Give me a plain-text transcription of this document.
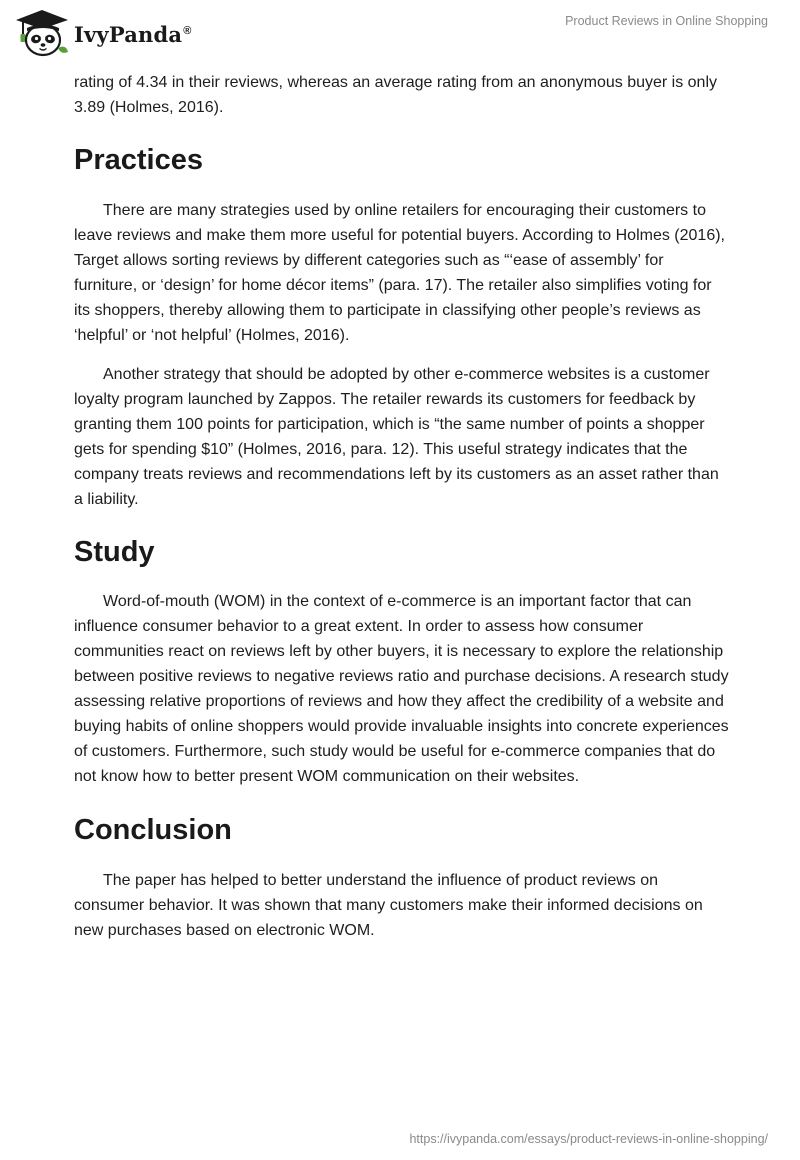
IvyPanda®
Product Reviews in Online Shopping

rating of 4.34 in their reviews, whereas an average rating from an anonymous buyer is only 3.89 (Holmes, 2016).

Practices

There are many strategies used by online retailers for encouraging their customers to leave reviews and make them more useful for potential buyers. According to Holmes (2016), Target allows sorting reviews by different categories such as “‘ease of assembly’ for furniture, or ‘design’ for home décor items” (para. 17). The retailer also simplifies voting for its shoppers, thereby allowing them to participate in classifying other people’s reviews as ‘helpful’ or ‘not helpful’ (Holmes, 2016).

Another strategy that should be adopted by other e-commerce websites is a customer loyalty program launched by Zappos. The retailer rewards its customers for feedback by granting them 100 points for participation, which is “the same number of points a shopper gets for spending $10” (Holmes, 2016, para. 12). This useful strategy indicates that the company treats reviews and recommendations left by its customers as an asset rather than a liability.

Study

Word-of-mouth (WOM) in the context of e-commerce is an important factor that can influence consumer behavior to a great extent. In order to assess how consumer communities react on reviews left by other buyers, it is necessary to explore the relationship between positive reviews to negative reviews ratio and purchase decisions. A research study assessing relative proportions of reviews and how they affect the credibility of a website and buying habits of online shoppers would provide invaluable insights into concrete experiences of customers. Furthermore, such study would be useful for e-commerce companies that do not know how to better present WOM communication on their websites.

Conclusion

The paper has helped to better understand the influence of product reviews on consumer behavior. It was shown that many customers make their informed decisions on new purchases based on electronic WOM.

https://ivypanda.com/essays/product-reviews-in-online-shopping/
